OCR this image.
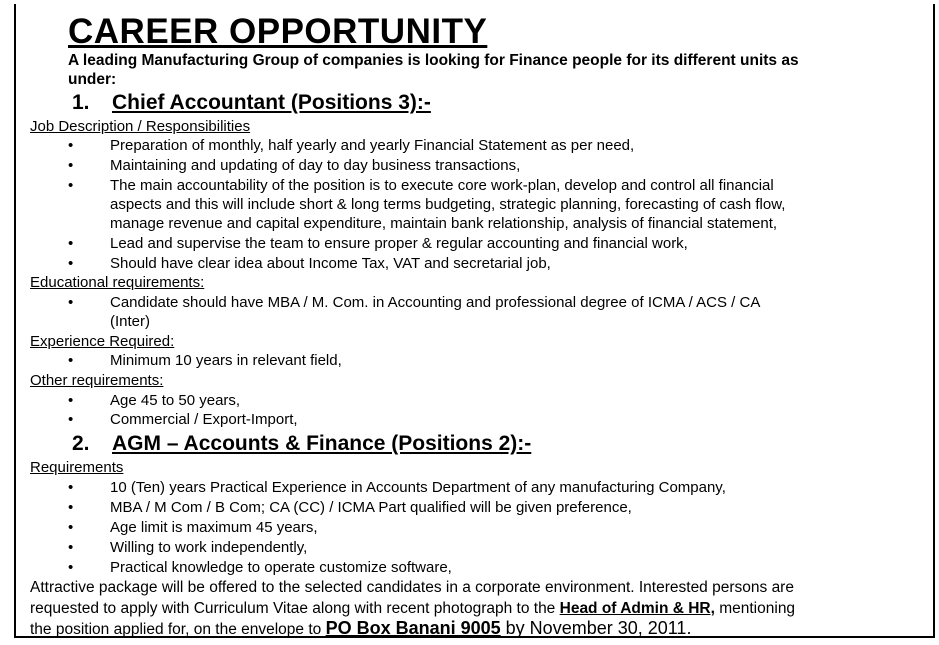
CAREER OPPORTUNITY
A leading Manufacturing Group of companies is looking for Finance people for its different units as
under:
1. Chief Accountant (Positions 3):-
Job Description / Responsibilities
• Preparation of monthly, half yearly and yearly Financial Statement as per need,
• Maintaining and updating of day to day business transactions,
• The main accountability of the position is to execute core work-plan, develop and control all financial
aspects and this will include short & long terms budgeting, strategic planning, forecasting of cash flow,
manage revenue and capital expenditure, maintain bank relationship, analysis of financial statement,
• Lead and supervise the team to ensure proper & regular accounting and financial work,
• Should have clear idea about Income Tax, VAT and secretarial job,
Educational requirements:
• Candidate should have MBA / M. Com. in Accounting and professional degree of ICMA / ACS / CA
(Inter)
Experience Required:
• Minimum 10 years in relevant field,
Other requirements:
• Age 45 to 50 years,
• Commercial / Export-Import,
2. AGM – Accounts & Finance (Positions 2):-
Requirements
• 10 (Ten) years Practical Experience in Accounts Department of any manufacturing Company,
• MBA / M Com / B Com; CA (CC) / ICMA Part qualified will be given preference,
• Age limit is maximum 45 years,
• Willing to work independently,
• Practical knowledge to operate customize software,
Attractive package will be offered to the selected candidates in a corporate environment. Interested persons are
requested to apply with Curriculum Vitae along with recent photograph to the Head of Admin & HR, mentioning
the position applied for, on the envelope to PO Box Banani 9005 by November 30, 2011.
